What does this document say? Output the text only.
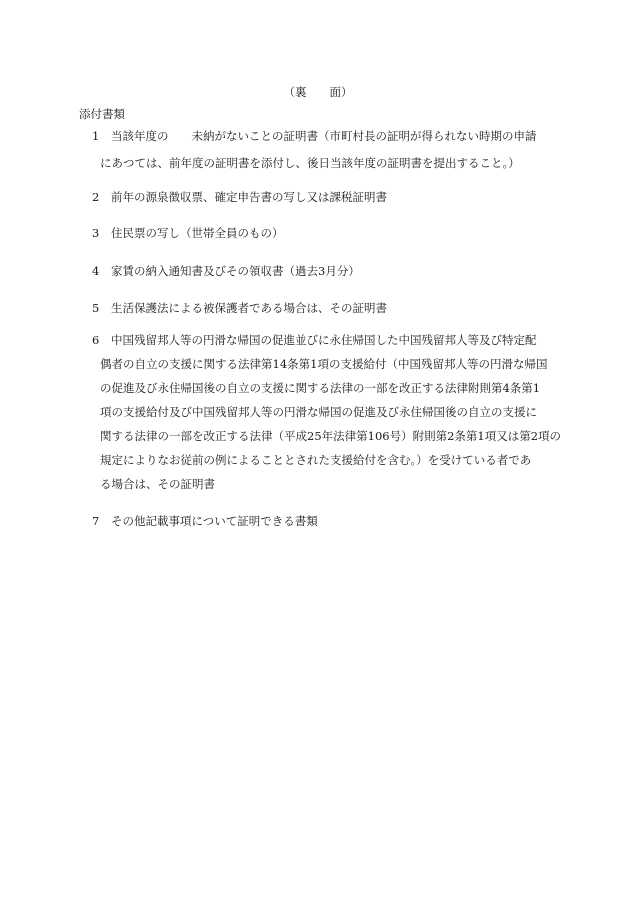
（裏　　面）
添付書類
1	当該年度の　　未納がないことの証明書（市町村長の証明が得られない時期の申請
にあつては、前年度の証明書を添付し、後日当該年度の証明書を提出すること。）
2	前年の源泉徴収票、確定申告書の写し又は課税証明書
3	住民票の写し（世帯全員のもの）
4	家賃の納入通知書及びその領収書（過去3月分）
5	生活保護法による被保護者である場合は、その証明書
6	中国残留邦人等の円滑な帰国の促進並びに永住帰国した中国残留邦人等及び特定配
偶者の自立の支援に関する法律第14条第1項の支援給付（中国残留邦人等の円滑な帰国
の促進及び永住帰国後の自立の支援に関する法律の一部を改正する法律附則第4条第1
項の支援給付及び中国残留邦人等の円滑な帰国の促進及び永住帰国後の自立の支援に
関する法律の一部を改正する法律（平成25年法律第106号）附則第2条第1項又は第2項の
規定によりなお従前の例によることとされた支援給付を含む。）を受けている者であ
る場合は、その証明書
7	その他記載事項について証明できる書類
